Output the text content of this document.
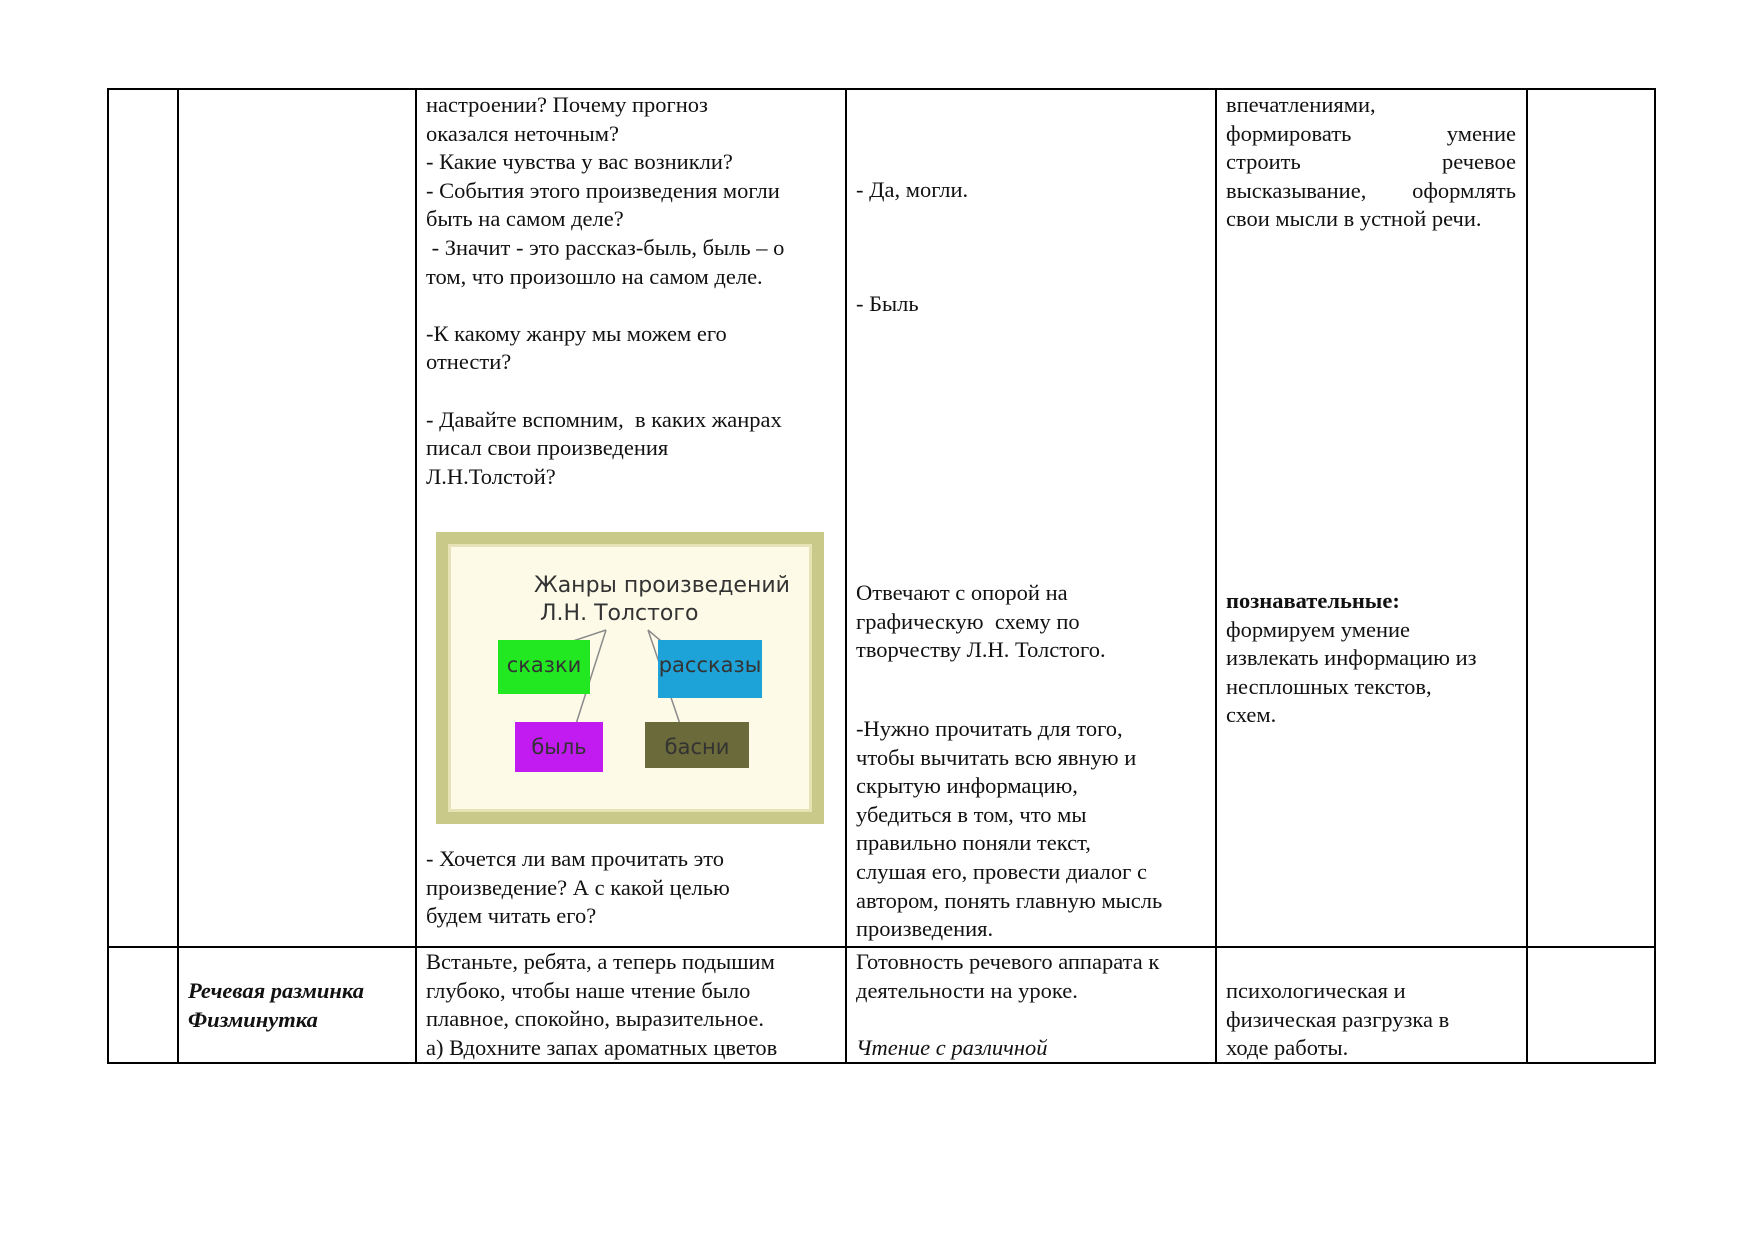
настроении? Почему прогноз

оказался неточным?

- Какие чувства у вас возникли?

- События этого произведения могли

быть на самом деле?

- Значит - это рассказ-быль, быль – о

том, что произошло на самом деле.

-К какому жанру мы можем его

отнести?

- Давайте вспомним,  в каких жанрах

писал свои произведения

Л.Н.Толстой?

Жанры произведений
Л.Н. Толстого
сказки	рассказы
быль	басни

- Хочется ли вам прочитать это

произведение? А с какой целью

будем читать его?

- Да, могли.
- Быль

Отвечают с опорой на

графическую  схему по

творчеству Л.Н. Толстого.

-Нужно прочитать для того,

чтобы вычитать всю явную и

скрытую информацию,

убедиться в том, что мы

правильно поняли текст,

слушая его, провести диалог с

автором, понять главную мысль

произведения.

впечатлениями,

формировать          умение

строить                речевое

высказывание,  оформлять

свои мысли в устной речи.

познавательные:

формируем умение

извлекать информацию из

несплошных текстов,

схем.

Речевая разминка

Физминутка

Встаньте, ребята, а теперь подышим

глубоко, чтобы наше чтение было

плавное, спокойно, выразительное.

а) Вдохните запах ароматных цветов

Готовность речевого аппарата к

деятельности на уроке.

Чтение с различной

психологическая и

физическая разгрузка в

ходе работы.
